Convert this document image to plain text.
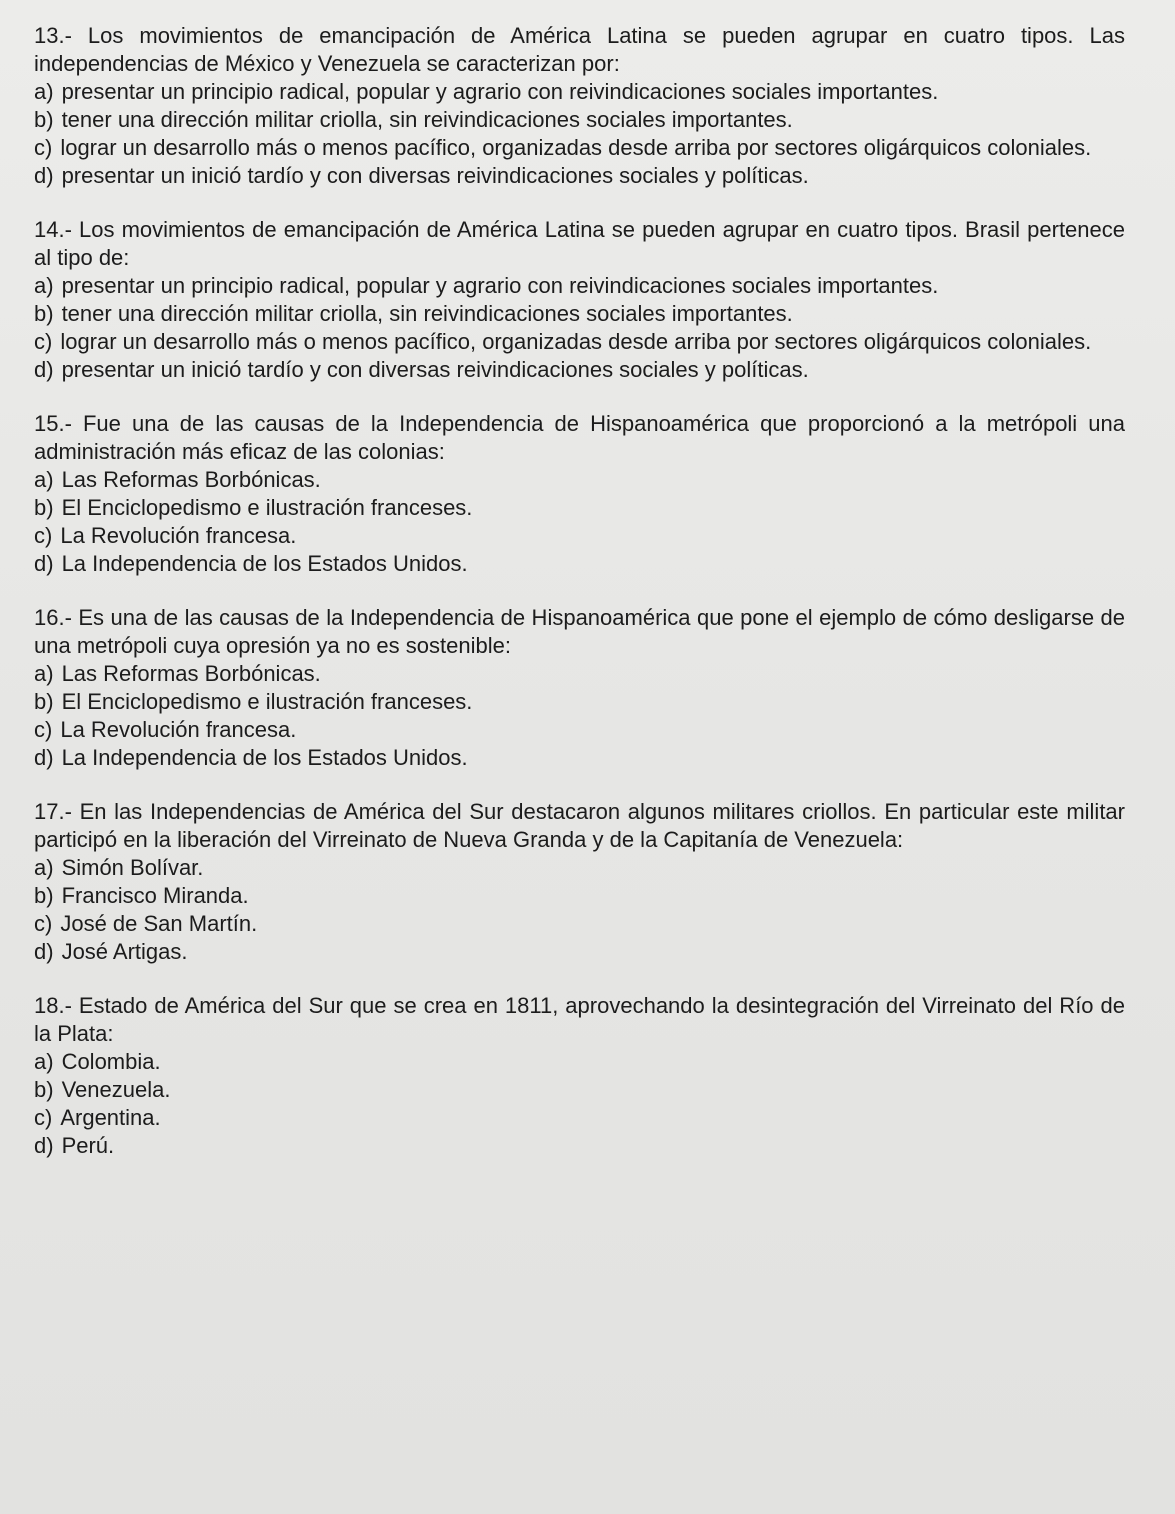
13.- Los movimientos de emancipación de América Latina se pueden agrupar en cuatro tipos. Las independencias de México y Venezuela se caracterizan por:

a) presentar un principio radical, popular y agrario con reivindicaciones sociales importantes.
b) tener una dirección militar criolla, sin reivindicaciones sociales importantes.
c) lograr un desarrollo más o menos pacífico, organizadas desde arriba por sectores oligárquicos coloniales.
d) presentar un inició tardío y con diversas reivindicaciones sociales y políticas.

14.- Los movimientos de emancipación de América Latina se pueden agrupar en cuatro tipos. Brasil pertenece al tipo de:

a) presentar un principio radical, popular y agrario con reivindicaciones sociales importantes.
b) tener una dirección militar criolla, sin reivindicaciones sociales importantes.
c) lograr un desarrollo más o menos pacífico, organizadas desde arriba por sectores oligárquicos coloniales.
d) presentar un inició tardío y con diversas reivindicaciones sociales y políticas.

15.- Fue una de las causas de la Independencia de Hispanoamérica que proporcionó a la metrópoli una administración más eficaz de las colonias:

a) Las Reformas Borbónicas.
b) El Enciclopedismo e ilustración franceses.
c) La Revolución francesa.
d) La Independencia de los Estados Unidos.

16.- Es una de las causas de la Independencia de Hispanoamérica que pone el ejemplo de cómo desligarse de una metrópoli cuya opresión ya no es sostenible:

a) Las Reformas Borbónicas.
b) El Enciclopedismo e ilustración franceses.
c) La Revolución francesa.
d) La Independencia de los Estados Unidos.

17.- En las Independencias de América del Sur destacaron algunos militares criollos. En particular este militar participó en la liberación del Virreinato de Nueva Granda y de la Capitanía de Venezuela:

a) Simón Bolívar.
b) Francisco Miranda.
c) José de San Martín.
d) José Artigas.

18.- Estado de América del Sur que se crea en 1811, aprovechando la desintegración del Virreinato del Río de la Plata:

a) Colombia.
b) Venezuela.
c) Argentina.
d) Perú.
